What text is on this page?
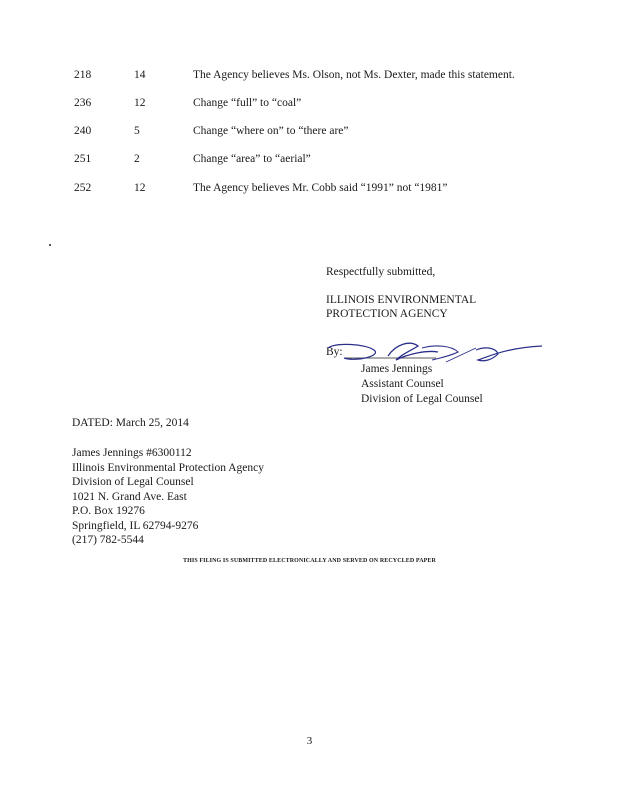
218	14	The Agency believes Ms. Olson, not Ms. Dexter, made this statement.
236	12	Change “full” to “coal”
240	5	Change “where on” to “there are”
251	2	Change “area” to “aerial”
252	12	The Agency believes Mr. Cobb said “1991” not “1981”
Respectfully submitted,
ILLINOIS ENVIRONMENTAL
PROTECTION AGENCY
By:
James Jennings
Assistant Counsel
Division of Legal Counsel
DATED: March 25, 2014
James Jennings #6300112
Illinois Environmental Protection Agency
Division of Legal Counsel
1021 N. Grand Ave. East
P.O. Box 19276
Springfield, IL 62794-9276
(217) 782-5544
THIS FILING IS SUBMITTED ELECTRONICALLY AND SERVED ON RECYCLED PAPER
3
